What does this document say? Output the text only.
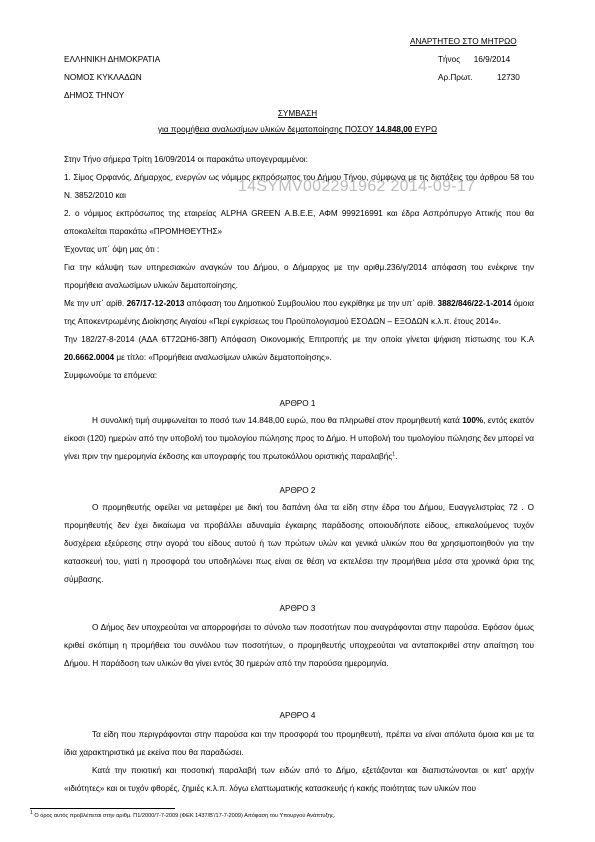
ΑΝΑΡΤΗΤΕΟ ΣΤΟ ΜΗΤΡΩΟ
ΕΛΛΗΝΙΚΗ ΔΗΜΟΚΡΑΤΙΑ
ΝΟΜΟΣ ΚΥΚΛΑΔΩΝ
ΔΗΜΟΣ ΤΗΝΟΥ
Τήνος      16/9/2014
Αρ.Πρωτ.	12730
ΣΥΜΒΑΣΗ
για προμήθεια αναλωσίμων υλικών δεματοποίησης ΠΟΣΟΥ 14.848,00 ΕΥΡΩ
14SYMV002291962 2014-09-17
Στην Τήνο σήμερα Τρίτη 16/09/2014 οι παρακάτω υπογεγραμμένοι:
1. Σίμος Ορφανός, Δήμαρχος, ενεργών ως νόμιμος εκπρόσωπος του Δήμου Τήνου, σύμφωνα με τις διατάξεις του άρθρου 58 του Ν. 3852/2010 και
2. ο νόμιμος εκπρόσωπος της εταιρείας ALPHA GREEN Α.Β.Ε.Ε, ΑΦΜ 999216991 και έδρα Ασπρόπυργο Αττικής που θα αποκαλείται παρακάτω «ΠΡΟΜΗΘΕΥΤΗΣ»
Έχοντας υπ΄ όψη μας ότι :
Για την κάλυψη των υπηρεσιακών αναγκών του Δήμου, ο Δήμαρχος με την αριθμ.236/γ/2014 απόφαση του ενέκρινε την προμήθεια αναλωσίμων υλικών δεματοποίησης.
Με την υπ΄ αρίθ. 267/17-12-2013 απόφαση του Δημοτικού Συμβουλίου που εγκρίθηκε με την υπ΄ αρίθ. 3882/846/22-1-2014 όμοια της Αποκεντρωμένης Διοίκησης Αιγαίου «Περί εγκρίσεως του Προϋπολογισμού ΕΣΟΔΩΝ – ΕΞΟΔΩΝ κ.λ.π. έτους 2014».
Την 182/27-8-2014 (ΑΔΑ 6Τ72ΩΗ6-38Π) Απόφαση Οικονομικής Επιτροπής με την οποία γίνεται ψήφιση πίστωσης του Κ.Α 20.6662.0004 με τίτλο: «Προμήθεια αναλωσίμων υλικών δεματοποίησης».
Συμφωνούμε τα επόμενα:
ΑΡΘΡΟ 1
Η συνολική τιμή συμφωνείται το ποσό των 14.848,00 ευρώ, που θα πληρωθεί στον προμηθευτή κατά 100%, εντός εκατόν είκοσι (120) ημερών από την υποβολή του τιμολογίου πώλησης προς το Δήμο. Η υποβολή του τιμολογίου πώλησης δεν μπορεί να γίνει πριν την ημερομηνία έκδοσης και υπογραφής του πρωτοκόλλου οριστικής παραλαβής$^1$.
ΑΡΘΡΟ 2
Ο προμηθευτής οφείλει να μεταφέρει με δική του δαπάνη όλα τα είδη στην έδρα του Δήμου, Ευαγγελιστρίας 72 . Ο προμηθευτής δεν έχει δικαίωμα να προβάλλει αδυναμία έγκαιρης παράδοσης οποιουδήποτε είδους, επικαλούμενος τυχόν δυσχέρεια εξεύρεσης στην αγορά του είδους αυτού ή των πρώτων υλών και γενικά υλικών που θα χρησιμοποιηθούν για την κατασκευή του, γιατί η προσφορά του υποδηλώνει πως είναι σε θέση να εκτελέσει την προμήθεια μέσα στα χρονικά όρια της σύμβασης.
ΑΡΘΡΟ 3
Ο Δήμος δεν υποχρεούται να απορροφήσει το σύνολο των ποσοτήτων που αναγράφονται στην παρούσα. Εφόσον όμως κριθεί σκόπιμη η προμήθεια του συνόλου των ποσοτήτων, ο προμηθευτής υποχρεούται να ανταποκριθεί στην απαίτηση του Δήμου. Η παράδοση των υλικών θα γίνει εντός 30 ημερών από την παρούσα ημερομηνία.
ΑΡΘΡΟ 4
Τα είδη που περιγράφονται στην παρούσα και την προσφορά του προμηθευτή, πρέπει να είναι απόλυτα όμοια και με τα ίδια χαρακτηριστικά με εκείνα που θα παραδώσει.
Κατά την ποιοτική και ποσοτική παραλαβή των ειδών από το Δήμο, εξετάζονται και διαπιστώνονται οι κατ' αρχήν «ιδιότητες» και οι τυχόν φθορές, ζημιές κ.λ.π. λόγω ελαττωματικής κατασκευής ή κακής ποιότητας των υλικών που
$^1$ Ο όρος αυτός προβλέπεται στην αριθμ. Π1/2000/7-7-2009 (ΦΕΚ 1437/Β'/17-7-2009) Απόφαση του Υπουργού Ανάπτυξης.
